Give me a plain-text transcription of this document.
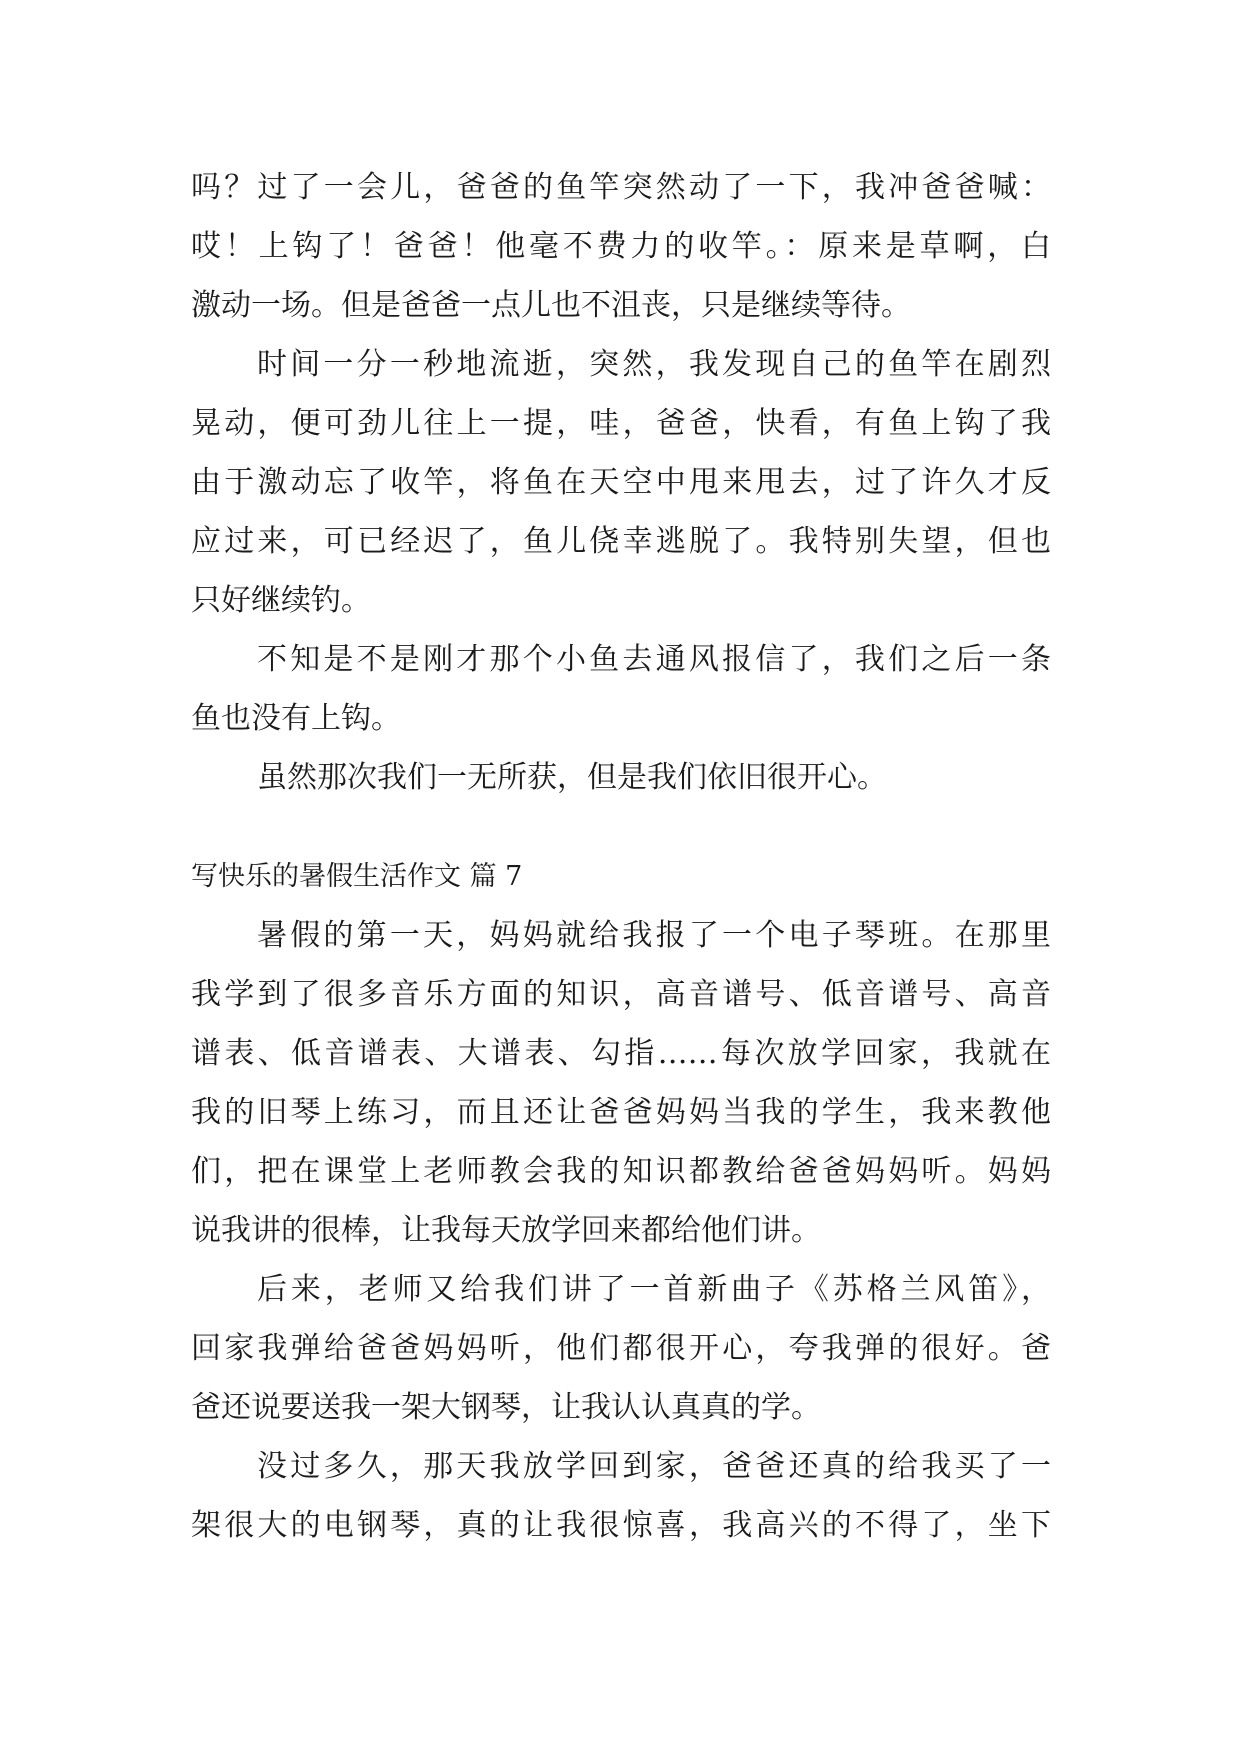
吗？过了一会儿，爸爸的鱼竿突然动了一下，我冲爸爸喊：
哎！上钩了！爸爸！他毫不费力的收竿。：原来是草啊，白
激动一场。但是爸爸一点儿也不沮丧，只是继续等待。
时间一分一秒地流逝，突然，我发现自己的鱼竿在剧烈
晃动，便可劲儿往上一提，哇，爸爸，快看，有鱼上钩了我
由于激动忘了收竿，将鱼在天空中甩来甩去，过了许久才反
应过来，可已经迟了，鱼儿侥幸逃脱了。我特别失望，但也
只好继续钓。
不知是不是刚才那个小鱼去通风报信了，我们之后一条
鱼也没有上钩。
虽然那次我们一无所获，但是我们依旧很开心。
写快乐的暑假生活作文 篇 7
暑假的第一天，妈妈就给我报了一个电子琴班。在那里
我学到了很多音乐方面的知识，高音谱号、低音谱号、高音
谱表、低音谱表、大谱表、勾指……每次放学回家，我就在
我的旧琴上练习，而且还让爸爸妈妈当我的学生，我来教他
们，把在课堂上老师教会我的知识都教给爸爸妈妈听。妈妈
说我讲的很棒，让我每天放学回来都给他们讲。
后来，老师又给我们讲了一首新曲子《苏格兰风笛》，
回家我弹给爸爸妈妈听，他们都很开心，夸我弹的很好。爸
爸还说要送我一架大钢琴，让我认认真真的学。
没过多久，那天我放学回到家，爸爸还真的给我买了一
架很大的电钢琴，真的让我很惊喜，我高兴的不得了，坐下
